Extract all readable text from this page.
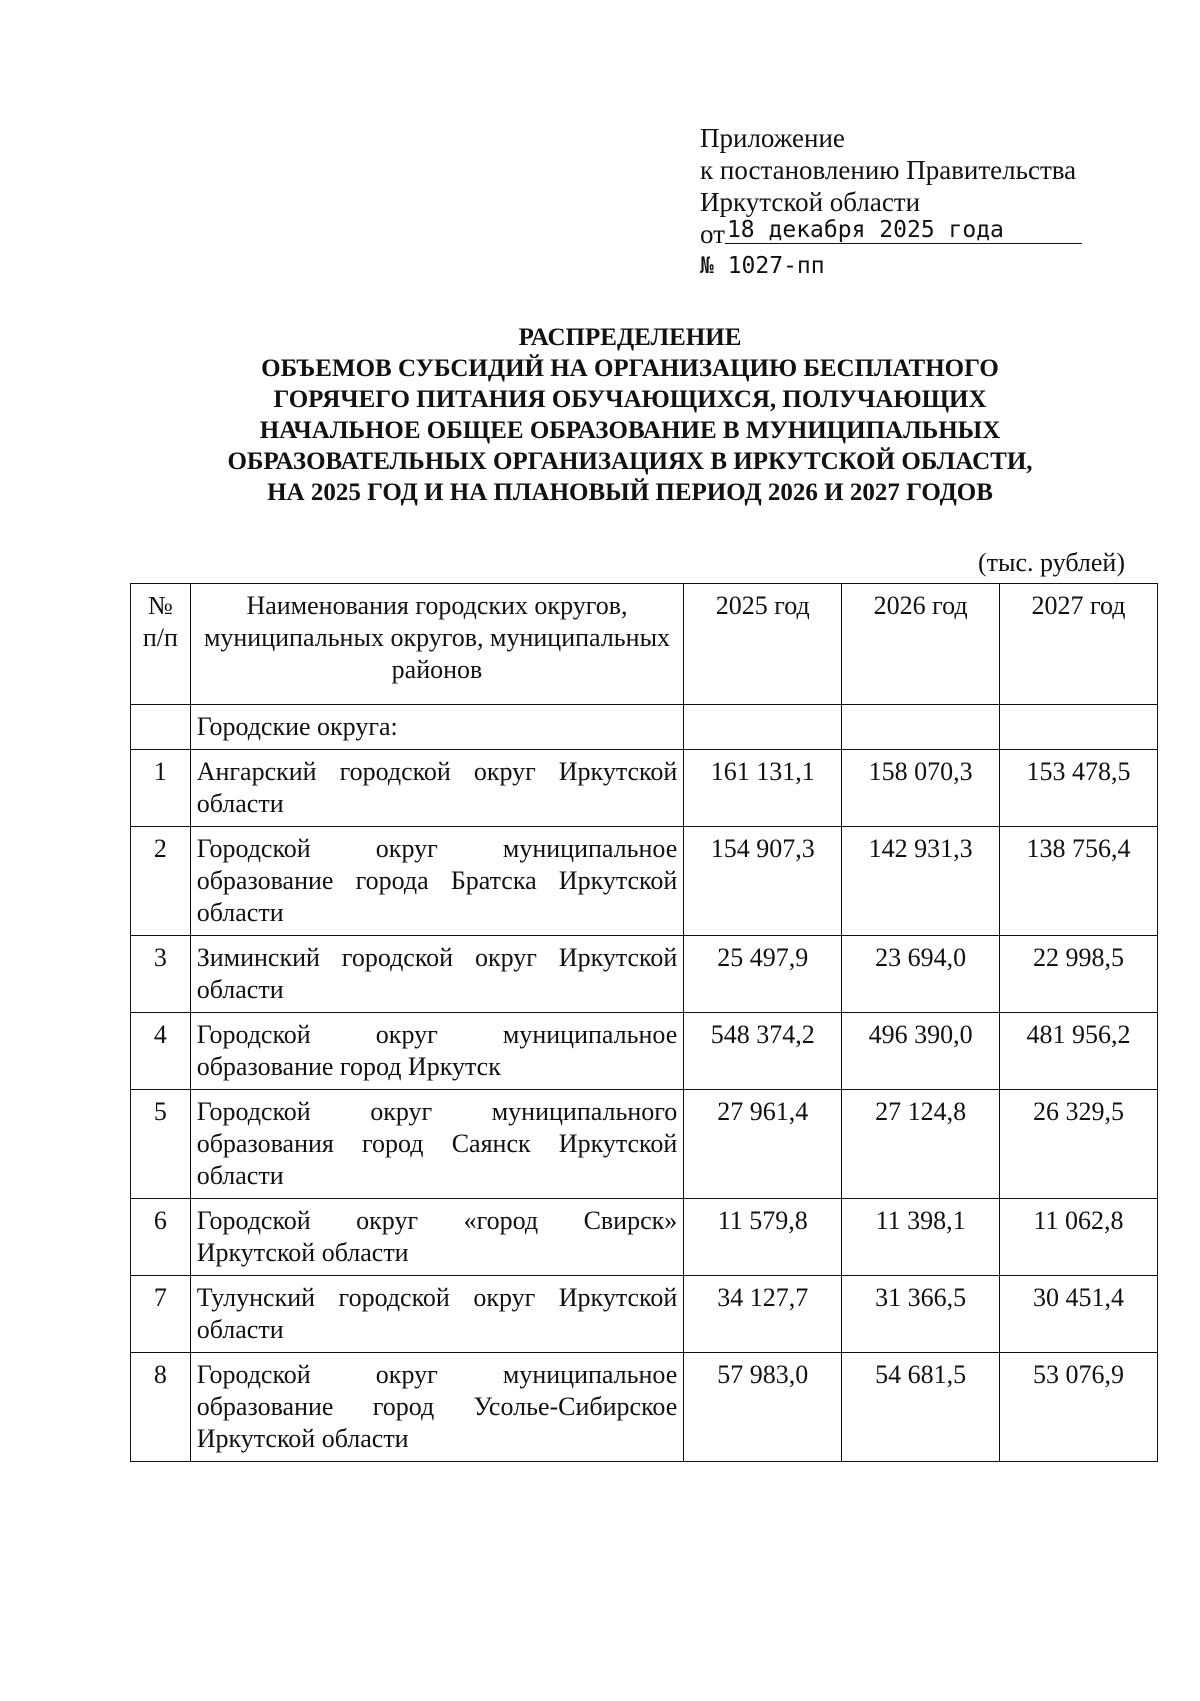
Приложение
к постановлению Правительства
Иркутской области
от 18 декабря 2025 года
№ 1027-пп
РАСПРЕДЕЛЕНИЕ
ОБЪЕМОВ СУБСИДИЙ НА ОРГАНИЗАЦИЮ БЕСПЛАТНОГО
ГОРЯЧЕГО ПИТАНИЯ ОБУЧАЮЩИХСЯ, ПОЛУЧАЮЩИХ
НАЧАЛЬНОЕ ОБЩЕЕ ОБРАЗОВАНИЕ В МУНИЦИПАЛЬНЫХ
ОБРАЗОВАТЕЛЬНЫХ ОРГАНИЗАЦИЯХ В ИРКУТСКОЙ ОБЛАСТИ,
НА 2025 ГОД И НА ПЛАНОВЫЙ ПЕРИОД 2026 И 2027 ГОДОВ
(тыс. рублей)
№ п/п	Наименования городских округов, муниципальных округов, муниципальных районов	2025 год	2026 год	2027 год
	Городские округа:			
1	Ангарский городской округ Иркутской области	161 131,1	158 070,3	153 478,5
2	Городской округ муниципальное образование города Братска Иркутской области	154 907,3	142 931,3	138 756,4
3	Зиминский городской округ Иркутской области	25 497,9	23 694,0	22 998,5
4	Городской округ муниципальное образование город Иркутск	548 374,2	496 390,0	481 956,2
5	Городской округ муниципального образования город Саянск Иркутской области	27 961,4	27 124,8	26 329,5
6	Городской округ «город Свирск» Иркутской области	11 579,8	11 398,1	11 062,8
7	Тулунский городской округ Иркутской области	34 127,7	31 366,5	30 451,4
8	Городской округ муниципальное образование город Усолье-Сибирское Иркутской области	57 983,0	54 681,5	53 076,9
